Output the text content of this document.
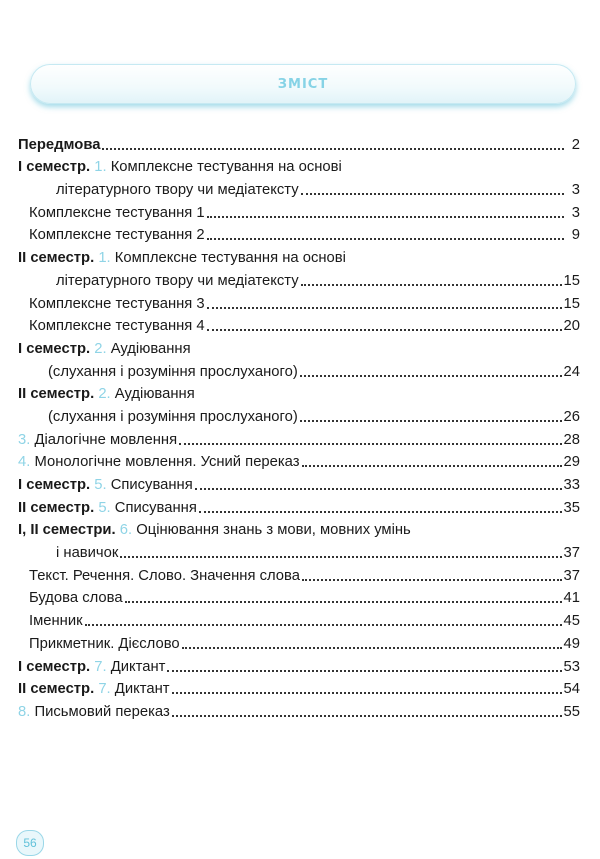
ЗМІСТ
Передмова	2
І семестр. 1. Комплексне тестування на основі
літературного твору чи медіатексту	3
Комплексне тестування 1	3
Комплексне тестування 2	9
ІІ семестр. 1. Комплексне тестування на основі
літературного твору чи медіатексту	15
Комплексне тестування 3	15
Комплексне тестування 4	20
І семестр. 2. Аудіювання
(слухання і розуміння прослуханого)	24
ІІ семестр. 2. Аудіювання
(слухання і розуміння прослуханого)	26
3. Діалогічне мовлення	28
4. Монологічне мовлення. Усний переказ	29
І семестр. 5. Списування	33
ІІ семестр. 5. Списування	35
І, ІІ семестри. 6. Оцінювання знань з мови, мовних умінь
і навичок	37
Текст. Речення. Слово. Значення слова	37
Будова слова	41
Іменник	45
Прикметник. Дієслово	49
І семестр. 7. Диктант	53
ІІ семестр. 7. Диктант	54
8. Письмовий переказ	55
56
